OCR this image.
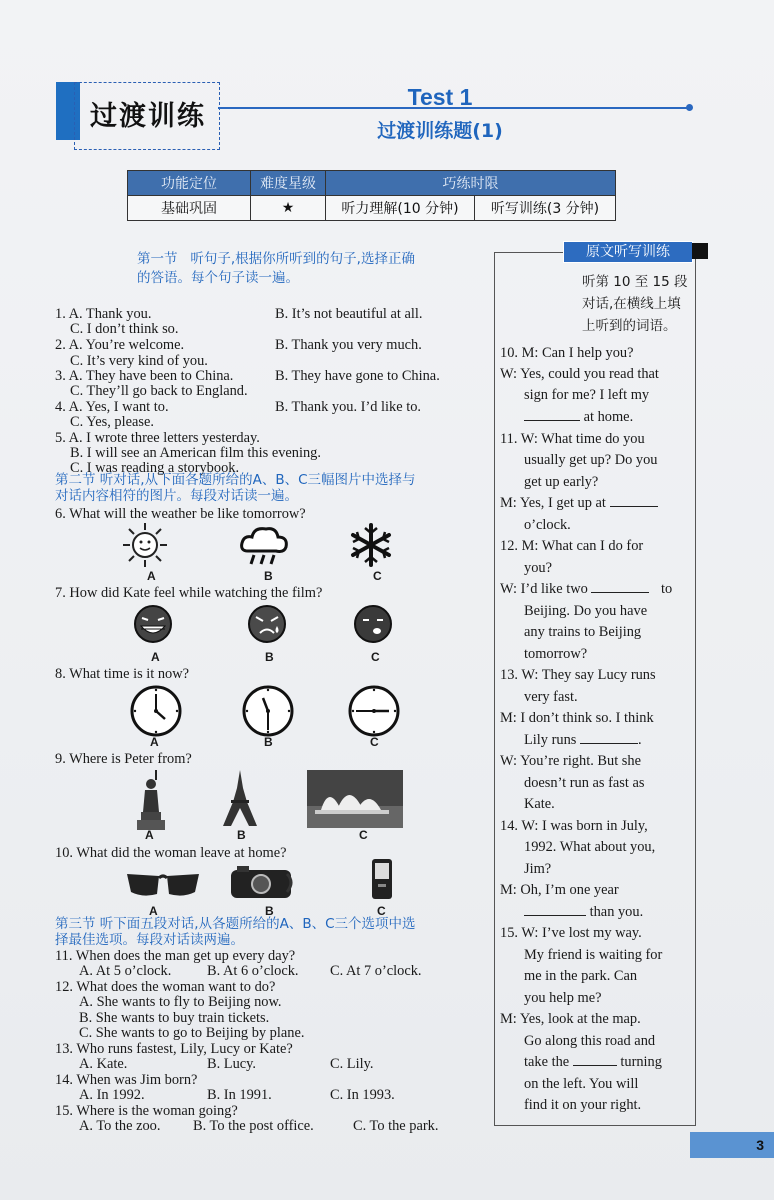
过渡训练
Test 1
过渡训练题(1)
功能定位	难度星级	巧练时限	
基础巩固	★	听力理解(10 分钟)	听写训练(3 分钟)
第一节 听句子,根据你所听到的句子,选择正确
的答语。每个句子读一遍。
1. A. Thank you.	B. It’s not beautiful at all.
C. I don’t think so.
2. A. You’re welcome.	B. Thank you very much.
C. It’s very kind of you.
3. A. They have been to China.	B. They have gone to China.
C. They’ll go back to England.
4. A. Yes, I want to.	B. Thank you. I’d like to.
C. Yes, please.
5. A. I wrote three letters yesterday.
B. I will see an American film this evening.
C. I was reading a storybook.
第二节 听对话,从下面各题所给的A、B、C三幅图片中选择与
对话内容相符的图片。每段对话读一遍。
6. What will the weather be like tomorrow?
A	B	C
7. How did Kate feel while watching the film?
A	B	C
8. What time is it now?
A	B	C
9. Where is Peter from?
A	B	C
10. What did the woman leave at home?
A	B	C
第三节 听下面五段对话,从各题所给的A、B、C三个选项中选
择最佳选项。每段对话读两遍。
11. When does the man get up every day?
A. At 5 o’clock. B. At 6 o’clock. C. At 7 o’clock.
12. What does the woman want to do?
A. She wants to fly to Beijing now.
B. She wants to buy train tickets.
C. She wants to go to Beijing by plane.
13. Who runs fastest, Lily, Lucy or Kate?
A. Kate.	B. Lucy.	C. Lily.
14. When was Jim born?
A. In 1992.	B. In 1991.	C. In 1993.
15. Where is the woman going?
A. To the zoo. B. To the post office.	C. To the park.
原文听写训练
听第 10 至 15 段
对话,在横线上填
上听到的词语。
10. M: Can I help you?
W: Yes, could you read that
sign for me? I left my
at home.
11. W: What time do you
usually get up? Do you
get up early?
M: Yes, I get up at
o’clock.
12. M: What can I do for
you?
W: I’d like two	to
Beijing. Do you have
any trains to Beijing
tomorrow?
13. W: They say Lucy runs
very fast.
M: I don’t think so. I think
Lily runs	.
W: You’re right. But she
doesn’t run as fast as
Kate.
14. W: I was born in July,
1992. What about you,
Jim?
M: Oh, I’m one year
than you.
15. W: I’ve lost my way.
My friend is waiting for
me in the park. Can
you help me?
M: Yes, look at the map.
Go along this road and
take the	turning
on the left. You will
find it on your right.
3
